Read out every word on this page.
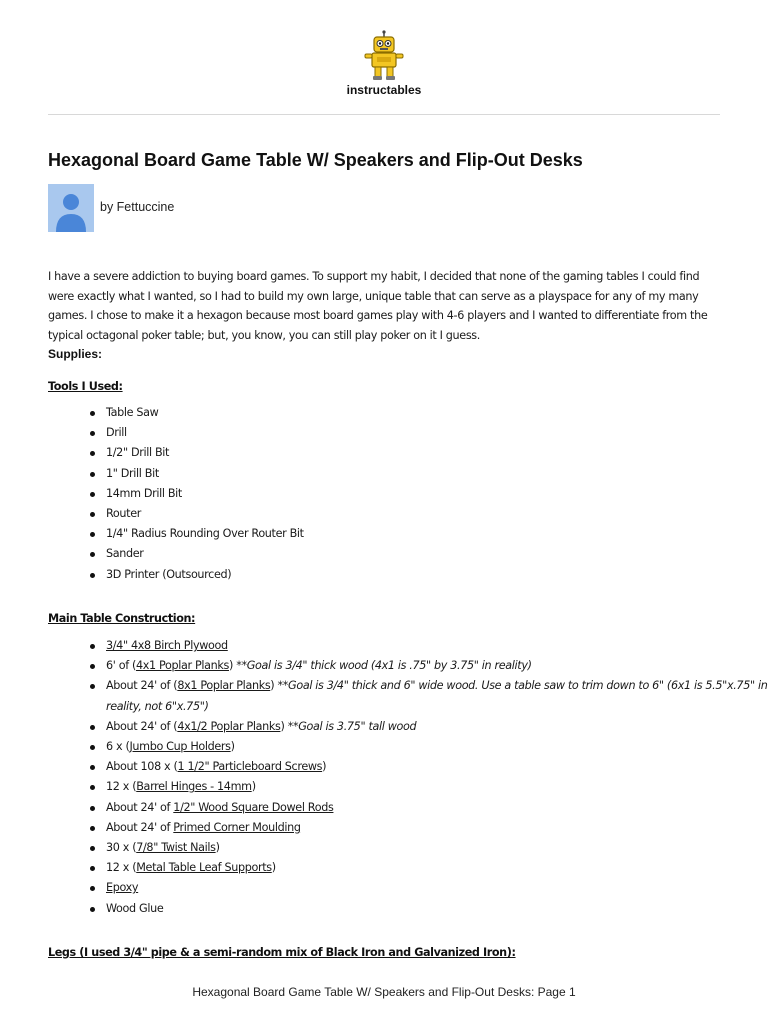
instructables
Hexagonal Board Game Table W/ Speakers and Flip-Out Desks
by Fettuccine

I have a severe addiction to buying board games. To support my habit, I decided that none of the gaming tables I could find were exactly what I wanted, so I had to build my own large, unique table that can serve as a playspace for any of my many games. I chose to make it a hexagon because most board games play with 4-6 players and I wanted to differentiate from the typical octagonal poker table; but, you know, you can still play poker on it I guess.

Supplies:
Tools I Used:
Table Saw
Drill
1/2" Drill Bit
1" Drill Bit
14mm Drill Bit
Router
1/4" Radius Rounding Over Router Bit
Sander
3D Printer (Outsourced)
Main Table Construction:
3/4" 4x8 Birch Plywood
6' of (4x1 Poplar Planks) **Goal is 3/4" thick wood (4x1 is .75" by 3.75" in reality)
About 24' of (8x1 Poplar Planks) **Goal is 3/4" thick and 6" wide wood. Use a table saw to trim down to 6" (6x1 is 5.5"x.75" in reality, not 6"x.75")
About 24' of (4x1/2 Poplar Planks) **Goal is 3.75" tall wood
6 x (Jumbo Cup Holders)
About 108 x (1 1/2" Particleboard Screws)
12 x (Barrel Hinges - 14mm)
About 24' of 1/2" Wood Square Dowel Rods
About 24' of Primed Corner Moulding
30 x (7/8" Twist Nails)
12 x (Metal Table Leaf Supports)
Epoxy
Wood Glue
Legs (I used 3/4" pipe & a semi-random mix of Black Iron and Galvanized Iron):
Hexagonal Board Game Table W/ Speakers and Flip-Out Desks: Page 1
